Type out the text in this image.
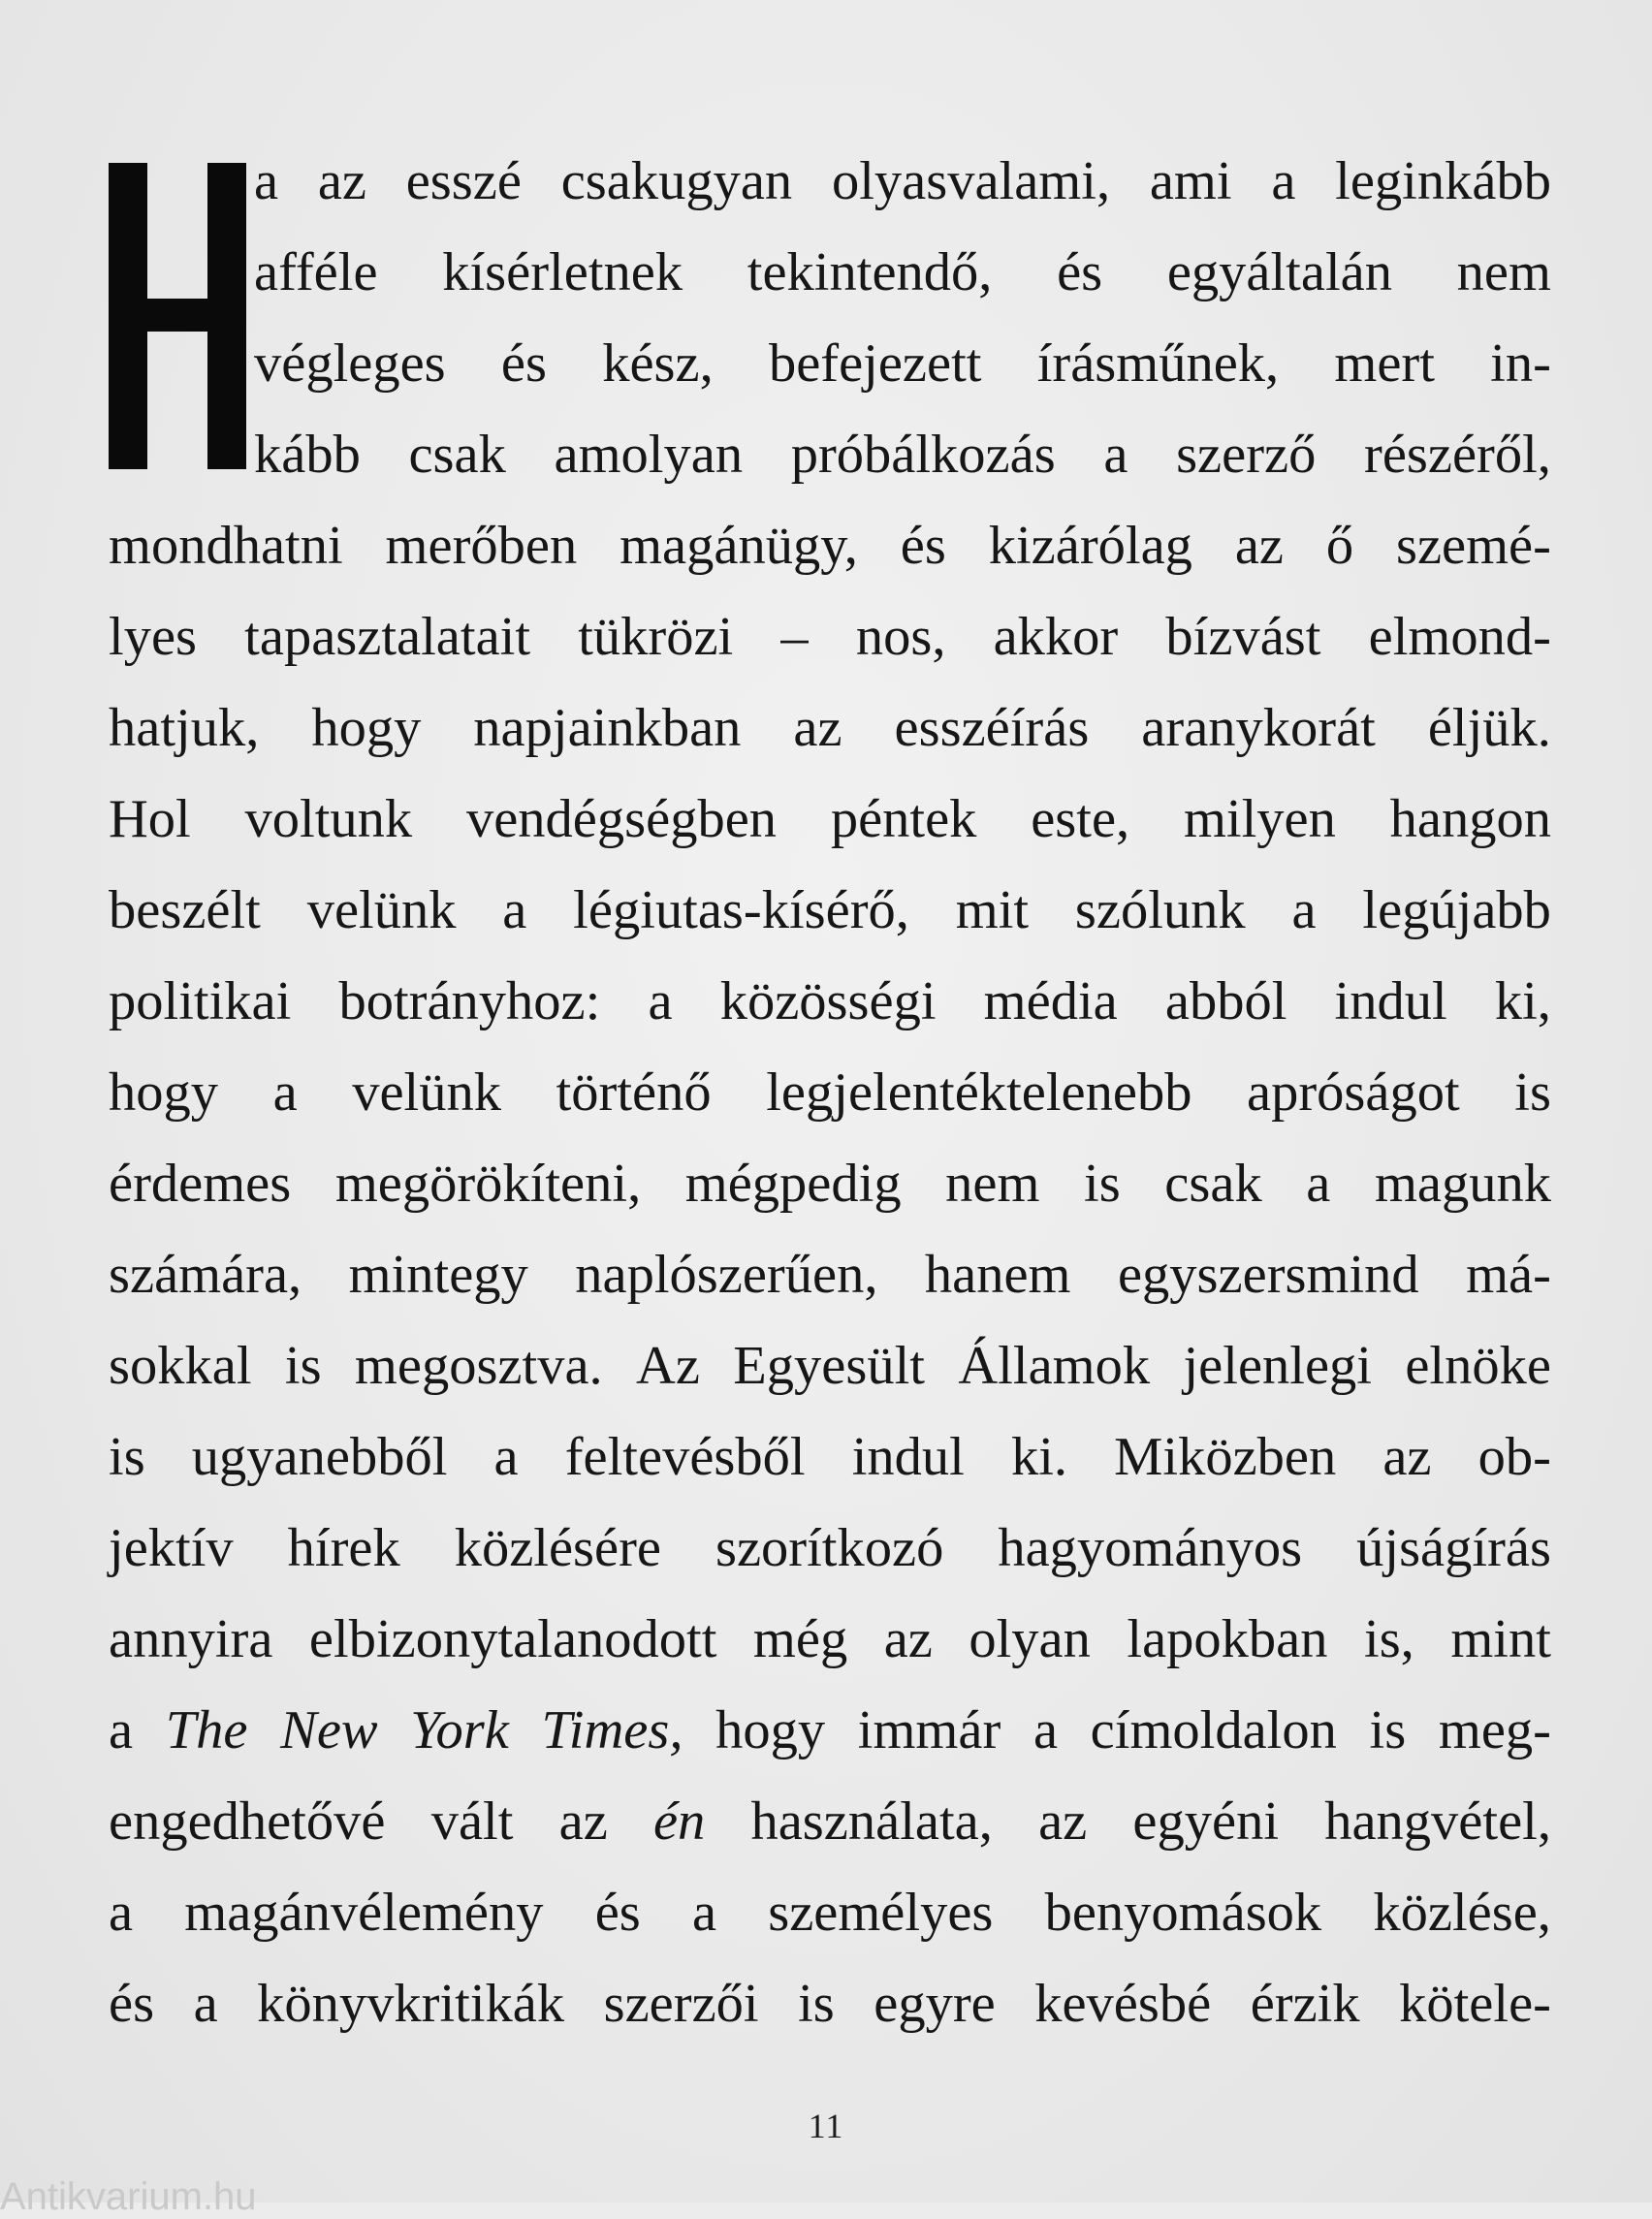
a az esszé csakugyan olyasvalami, ami a leginkább
afféle kísérletnek tekintendő, és egyáltalán nem
végleges és kész, befejezett írásműnek, mert in-
kább csak amolyan próbálkozás a szerző részéről,
mondhatni merőben magánügy, és kizárólag az ő szemé-
lyes tapasztalatait tükrözi – nos, akkor bízvást elmond-
hatjuk, hogy napjainkban az esszéírás aranykorát éljük.
Hol voltunk vendégségben péntek este, milyen hangon
beszélt velünk a légiutas-kísérő, mit szólunk a legújabb
politikai botrányhoz: a közösségi média abból indul ki,
hogy a velünk történő legjelentéktelenebb apróságot is
érdemes megörökíteni, mégpedig nem is csak a magunk
számára, mintegy naplószerűen, hanem egyszersmind má-
sokkal is megosztva. Az Egyesült Államok jelenlegi elnöke
is ugyanebből a feltevésből indul ki. Miközben az ob-
jektív hírek közlésére szorítkozó hagyományos újságírás
annyira elbizonytalanodott még az olyan lapokban is, mint
a The New York Times, hogy immár a címoldalon is meg-
engedhetővé vált az én használata, az egyéni hangvétel,
a magánvélemény és a személyes benyomások közlése,
és a könyvkritikák szerzői is egyre kevésbé érzik kötele-
11
Antikvarium.hu
